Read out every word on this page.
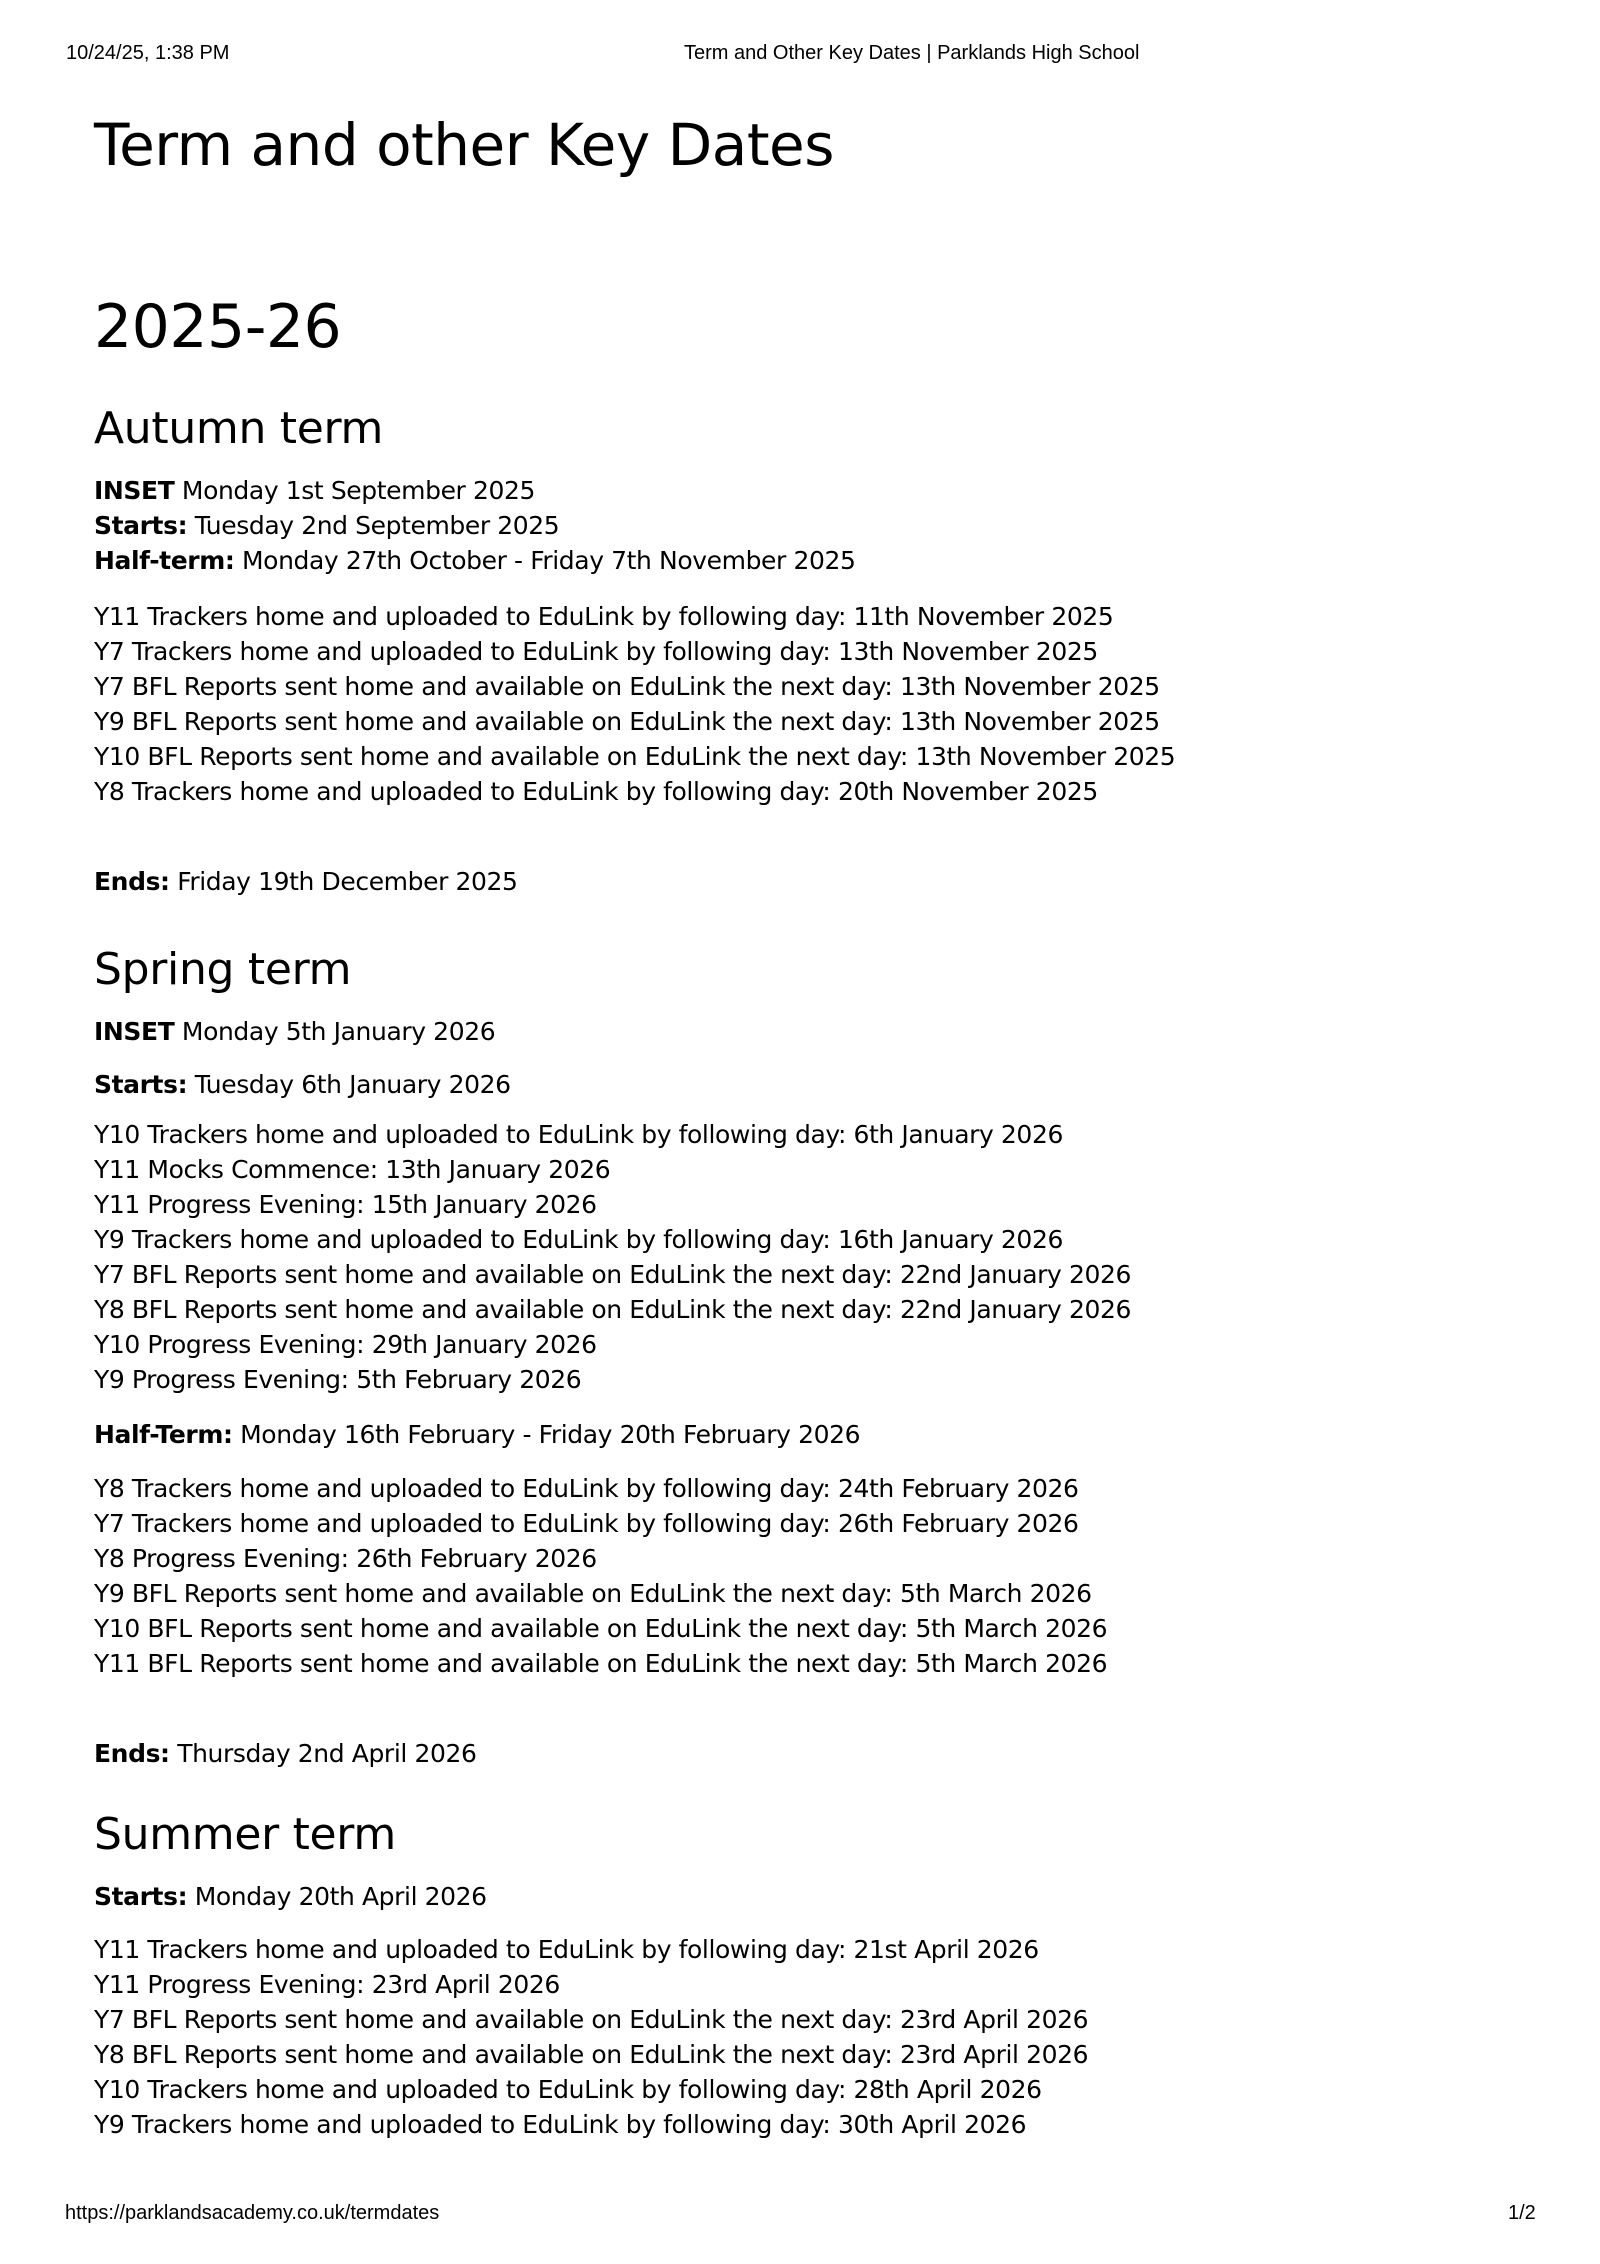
10/24/25, 1:38 PM	Term and Other Key Dates | Parklands High School
https://parklandsacademy.co.uk/termdates	1/2
Term and other Key Dates
2025-26
Autumn term
INSET Monday 1st September 2025
Starts: Tuesday 2nd September 2025
Half-term: Monday 27th October - Friday 7th November 2025
Y11 Trackers home and uploaded to EduLink by following day: 11th November 2025
Y7 Trackers home and uploaded to EduLink by following day: 13th November 2025
Y7 BFL Reports sent home and available on EduLink the next day: 13th November 2025
Y9 BFL Reports sent home and available on EduLink the next day: 13th November 2025
Y10 BFL Reports sent home and available on EduLink the next day: 13th November 2025
Y8 Trackers home and uploaded to EduLink by following day: 20th November 2025
Ends: Friday 19th December 2025
Spring term
INSET Monday 5th January 2026
Starts: Tuesday 6th January 2026
Y10 Trackers home and uploaded to EduLink by following day: 6th January 2026
Y11 Mocks Commence: 13th January 2026
Y11 Progress Evening: 15th January 2026
Y9 Trackers home and uploaded to EduLink by following day: 16th January 2026
Y7 BFL Reports sent home and available on EduLink the next day: 22nd January 2026
Y8 BFL Reports sent home and available on EduLink the next day: 22nd January 2026
Y10 Progress Evening: 29th January 2026
Y9 Progress Evening: 5th February 2026
Half-Term: Monday 16th February - Friday 20th February 2026
Y8 Trackers home and uploaded to EduLink by following day: 24th February 2026
Y7 Trackers home and uploaded to EduLink by following day: 26th February 2026
Y8 Progress Evening: 26th February 2026
Y9 BFL Reports sent home and available on EduLink the next day: 5th March 2026
Y10 BFL Reports sent home and available on EduLink the next day: 5th March 2026
Y11 BFL Reports sent home and available on EduLink the next day: 5th March 2026
Ends: Thursday 2nd April 2026
Summer term
Starts: Monday 20th April 2026
Y11 Trackers home and uploaded to EduLink by following day: 21st April 2026
Y11 Progress Evening: 23rd April 2026
Y7 BFL Reports sent home and available on EduLink the next day: 23rd April 2026
Y8 BFL Reports sent home and available on EduLink the next day: 23rd April 2026
Y10 Trackers home and uploaded to EduLink by following day: 28th April 2026
Y9 Trackers home and uploaded to EduLink by following day: 30th April 2026
